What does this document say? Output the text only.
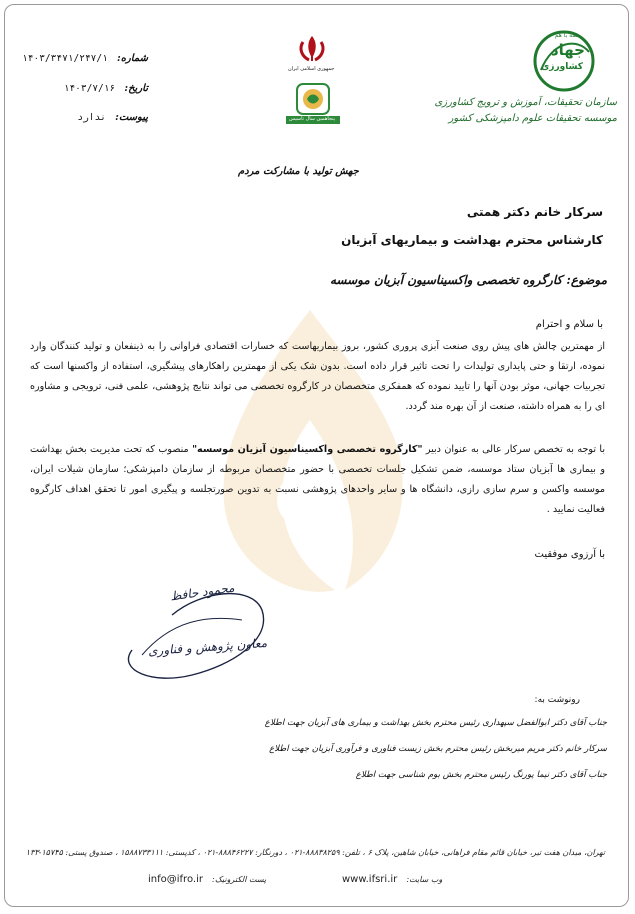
همه با هم
جهاد
کشاورزی
سازمان تحقیقات، آموزش و ترویج کشاورزی
موسسه تحقیقات علوم دامپزشکی کشور
جمهوری اسلامی ایران
پنجاهمین سال تاسیس
شماره: ۱۴۰۳/۳۴۷۱/۲۴۷/۱
تاریخ: ۱۴۰۳/۷/۱۶
پیوست: ندارد
جهش تولید با مشارکت مردم
سرکار خانم دکتر همتی
کارشناس محترم بهداشت و بیماریهای آبزیان
موضوع: کارگروه تخصصی واکسیناسیون آبزیان موسسه
با سلام و احترام
از مهمترین چالش های پیش روی صنعت آبزی پروری کشور، بروز بیماریهاست که خسارات اقتصادی فراوانی را به ذینفعان و تولید کنندگان وارد نموده، ارتقا و حتی پایداری تولیدات را تحت تاثیر قرار داده است. بدون شک یکی از مهمترین راهکارهای پیشگیری، استفاده از واکسنها است که تجربیات جهانی، موثر بودن آنها را تایید نموده که همفکری متخصصان در کارگروه تخصصی می تواند نتایج پژوهشی، علمی فنی، ترویجی و مشاوره ای را به همراه داشته، صنعت از آن بهره مند گردد.
با توجه به تخصص سرکار عالی به عنوان دبیر "کارگروه تخصصی واکسیناسیون آبزیان موسسه" منصوب که تحت مدیریت بخش بهداشت و بیماری ها آبزیان ستاد موسسه، ضمن تشکیل جلسات تخصصی با حضور متخصصان مربوطه از سازمان دامپزشکی؛ سازمان شیلات ایران، موسسه واکسن و سرم سازی رازی، دانشگاه ها و سایر واحدهای پژوهشی نسبت به تدوین صورتجلسه و پیگیری امور تا تحقق اهداف کارگروه فعالیت نمایید .
با آرزوی موفقیت
محمود حافظ
معاون پژوهش و فناوری
رونوشت به:
جناب آقای دکتر ابوالفضل سپهداری رئیس محترم بخش بهداشت و بیماری های آبزیان جهت اطلاع
سرکار خانم دکتر مریم میربخش رئیس محترم بخش زیست فناوری و فرآوری آبزیان جهت اطلاع
جناب آقای دکتر نیما پورنگ رئیس محترم بخش بوم شناسی جهت اطلاع
تهران، میدان هفت تیر، خیابان قائم مقام فراهانی، خیابان شاهین، پلاک ۶ ، تلفن: ۸۸۸۳۸۲۵۹-۰۲۱ ، دورنگار: ۸۸۸۴۶۲۲۷-۰۲۱ ، کدپستی: ۱۵۸۸۷۳۳۱۱۱ ، صندوق پستی: ۱۵۷۴۵-۱۳۳
www.ifsri.ir وب سایت:
info@ifro.ir پست الکترونیک:
